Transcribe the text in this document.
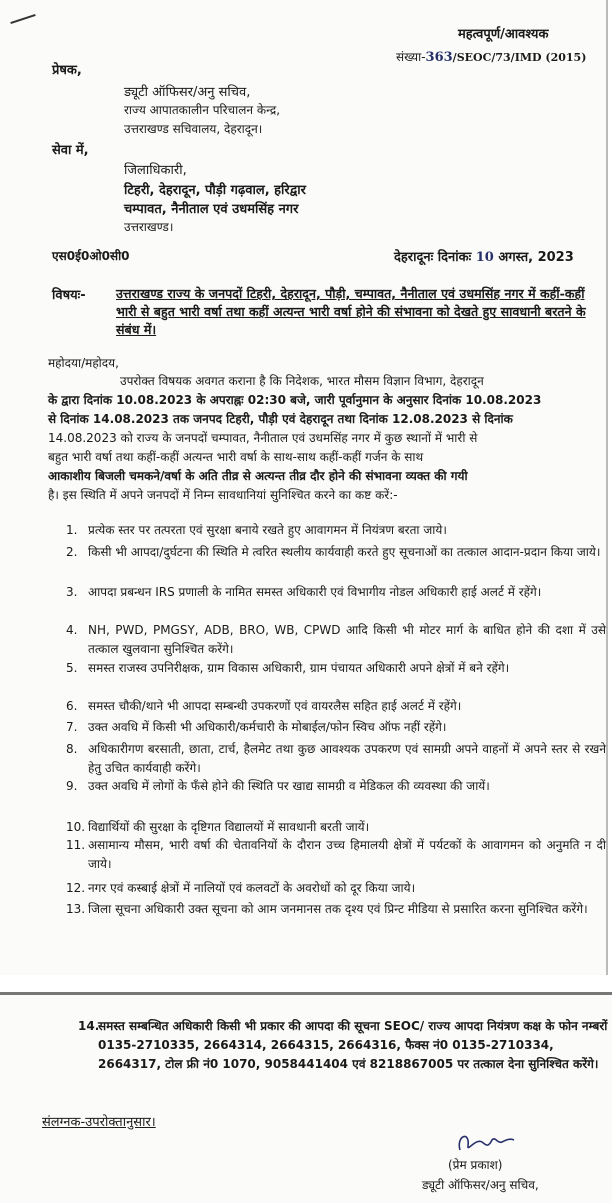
महत्वपूर्ण/आवश्यक
संख्या-363/SEOC/73/IMD (2015)
प्रेषक,
ड्यूटी ऑफिसर/अनु सचिव,
राज्य आपातकालीन परिचालन केन्द्र,
उत्तराखण्ड सचिवालय, देहरादून।
सेवा में,
जिलाधिकारी,
टिहरी, देहरादून, पौड़ी गढ़वाल, हरिद्वार
चम्पावत, नैनीताल एवं उधमसिंह नगर
उत्तराखण्ड।
एस0ई0ओ0सी0	देहरादूनः दिनांकः 10 अगस्त, 2023
विषयः- उत्तराखण्ड राज्य के जनपदों टिहरी, देहरादून, पौड़ी, चम्पावत, नैनीताल एवं उधमसिंह नगर में कहीं-कहीं भारी से बहुत भारी वर्षा तथा कहीं अत्यन्त भारी वर्षा होने की संभावना को देखते हुए सावधानी बरतने के संबंध में।
महोदया/महोदय,
उपरोक्त विषयक अवगत कराना है कि निदेशक, भारत मौसम विज्ञान विभाग, देहरादून
के द्वारा दिनांक 10.08.2023 के अपराह्नः 02:30 बजे, जारी पूर्वानुमान के अनुसार दिनांक 10.08.2023
से दिनांक 14.08.2023 तक जनपद टिहरी, पौड़ी एवं देहरादून तथा दिनांक 12.08.2023 से दिनांक
14.08.2023 को राज्य के जनपदों चम्पावत, नैनीताल एवं उधमसिंह नगर में कुछ स्थानों में भारी से
बहुत भारी वर्षा तथा कहीं-कहीं अत्यन्त भारी वर्षा के साथ-साथ कहीं-कहीं गर्जन के साथ
आकाशीय बिजली चमकने/वर्षा के अति तीव्र से अत्यन्त तीव्र दौर होने की संभावना व्यक्त की गयी
है। इस स्थिति में अपने जनपदों में निम्न सावधानियां सुनिश्चित करने का कष्ट करें:-
1. प्रत्येक स्तर पर तत्परता एवं सुरक्षा बनाये रखते हुए आवागमन में नियंत्रण बरता जाये।
2. किसी भी आपदा/दुर्घटना की स्थिति मे त्वरित स्थलीय कार्यवाही करते हुए सूचनाओं का तत्काल आदान-प्रदान किया जाये।
3. आपदा प्रबन्धन IRS प्रणाली के नामित समस्त अधिकारी एवं विभागीय नोडल अधिकारी हाई अलर्ट में रहेंगे।
4. NH, PWD, PMGSY, ADB, BRO, WB, CPWD आदि किसी भी मोटर मार्ग के बाधित होने की दशा में उसे तत्काल खुलवाना सुनिश्चित करेंगे।
5. समस्त राजस्व उपनिरीक्षक, ग्राम विकास अधिकारी, ग्राम पंचायत अधिकारी अपने क्षेत्रों में बने रहेंगे।
6. समस्त चौकी/थाने भी आपदा सम्बन्धी उपकरणों एवं वायरलैस सहित हाई अलर्ट में रहेंगे।
7. उक्त अवधि में किसी भी अधिकारी/कर्मचारी के मोबाईल/फोन स्विच ऑफ नहीं रहेंगे।
8. अधिकारीगण बरसाती, छाता, टार्च, हैलमेट तथा कुछ आवश्यक उपकरण एवं सामग्री अपने वाहनों में अपने स्तर से रखने हेतु उचित कार्यवाही करेंगे।
9. उक्त अवधि में लोगों के फँसे होने की स्थिति पर खाद्य सामग्री व मेडिकल की व्यवस्था की जायें।
10. विद्यार्थियों की सुरक्षा के दृष्टिगत विद्यालयों में सावधानी बरती जायें।
11. असामान्य मौसम, भारी वर्षा की चेतावनियों के दौरान उच्च हिमालयी क्षेत्रों में पर्यटकों के आवागमन को अनुमति न दी जाये।
12. नगर एवं कस्बाई क्षेत्रों में नालियों एवं कलवटों के अवरोधों को दूर किया जाये।
13. जिला सूचना अधिकारी उक्त सूचना को आम जनमानस तक दृश्य एवं प्रिन्ट मीडिया से प्रसारित करना सुनिश्चित करेंगे।
14.
समस्त सम्बन्धित अधिकारी किसी भी प्रकार की आपदा की सूचना SEOC/ राज्य आपदा नियंत्रण कक्ष के फोन नम्बरों 0135-2710335, 2664314, 2664315, 2664316, फैक्स नं0 0135-2710334, 2664317, टोल फ्री नं0 1070, 9058441404 एवं 8218867005 पर तत्काल देना सुनिश्चित करेंगे।
संलग्नक-उपरोक्तानुसार।
(प्रेम प्रकाश)
ड्यूटी ऑफिसर/अनु सचिव,
